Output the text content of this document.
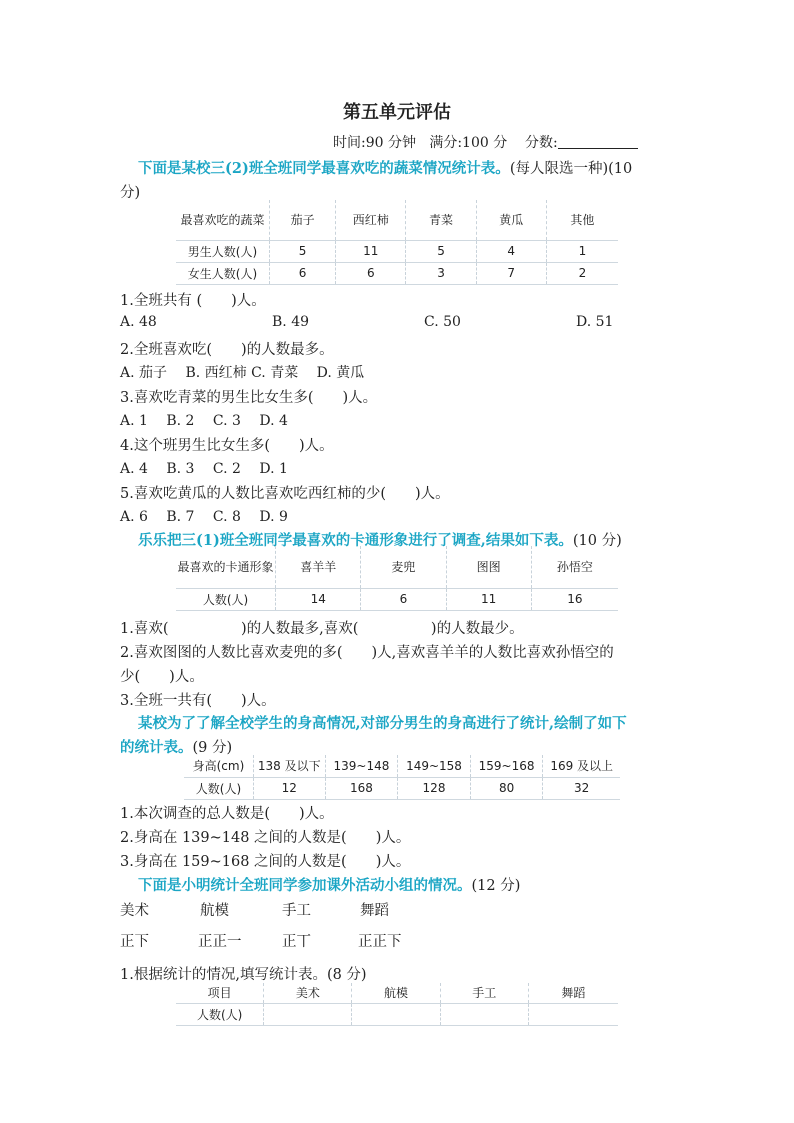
第五单元评估
时间:90 分钟 满分:100 分 分数:
下面是某校三(2)班全班同学最喜欢吃的蔬菜情况统计表。(每人限选一种)(10
分)
最喜欢吃的蔬菜	茄子	西红柿	青菜	黄瓜	其他
男生人数(人)	5	11	5	4	1
女生人数(人)	6	6	3	7	2
1.全班共有 (　　)人。
A. 48	B. 49	C. 50	D. 51
2.全班喜欢吃(　　)的人数最多。
A. 茄子　 B. 西红柿 C. 青菜　 D. 黄瓜
3.喜欢吃青菜的男生比女生多(　　)人。
A. 1　 B. 2　 C. 3　 D. 4
4.这个班男生比女生多(　　)人。
A. 4　 B. 3　 C. 2　 D. 1
5.喜欢吃黄瓜的人数比喜欢吃西红柿的少(　　)人。
A. 6　 B. 7　 C. 8　 D. 9
乐乐把三(1)班全班同学最喜欢的卡通形象进行了调查,结果如下表。(10 分)
最喜欢的卡通形象	喜羊羊	麦兜	图图	孙悟空
人数(人)	14	6	11	16
1.喜欢(　　　　　)的人数最多,喜欢(　　　　　)的人数最少。
2.喜欢图图的人数比喜欢麦兜的多(　　)人,喜欢喜羊羊的人数比喜欢孙悟空的
少(　　)人。
3.全班一共有(　　)人。
某校为了了解全校学生的身高情况,对部分男生的身高进行了统计,绘制了如下
的统计表。(9 分)
身高(cm)	138 及以下	139~148	149~158	159~168	169 及以上
人数(人)	12	168	128	80	32
1.本次调查的总人数是(　　)人。
2.身高在 139~148 之间的人数是(　　)人。
3.身高在 159~168 之间的人数是(　　)人。
下面是小明统计全班同学参加课外活动小组的情况。(12 分)
美术	航模	手工	舞蹈
正下	正正一	正丅	正正下
1.根据统计的情况,填写统计表。(8 分)
项目	美术	航模	手工	舞蹈
人数(人)				
